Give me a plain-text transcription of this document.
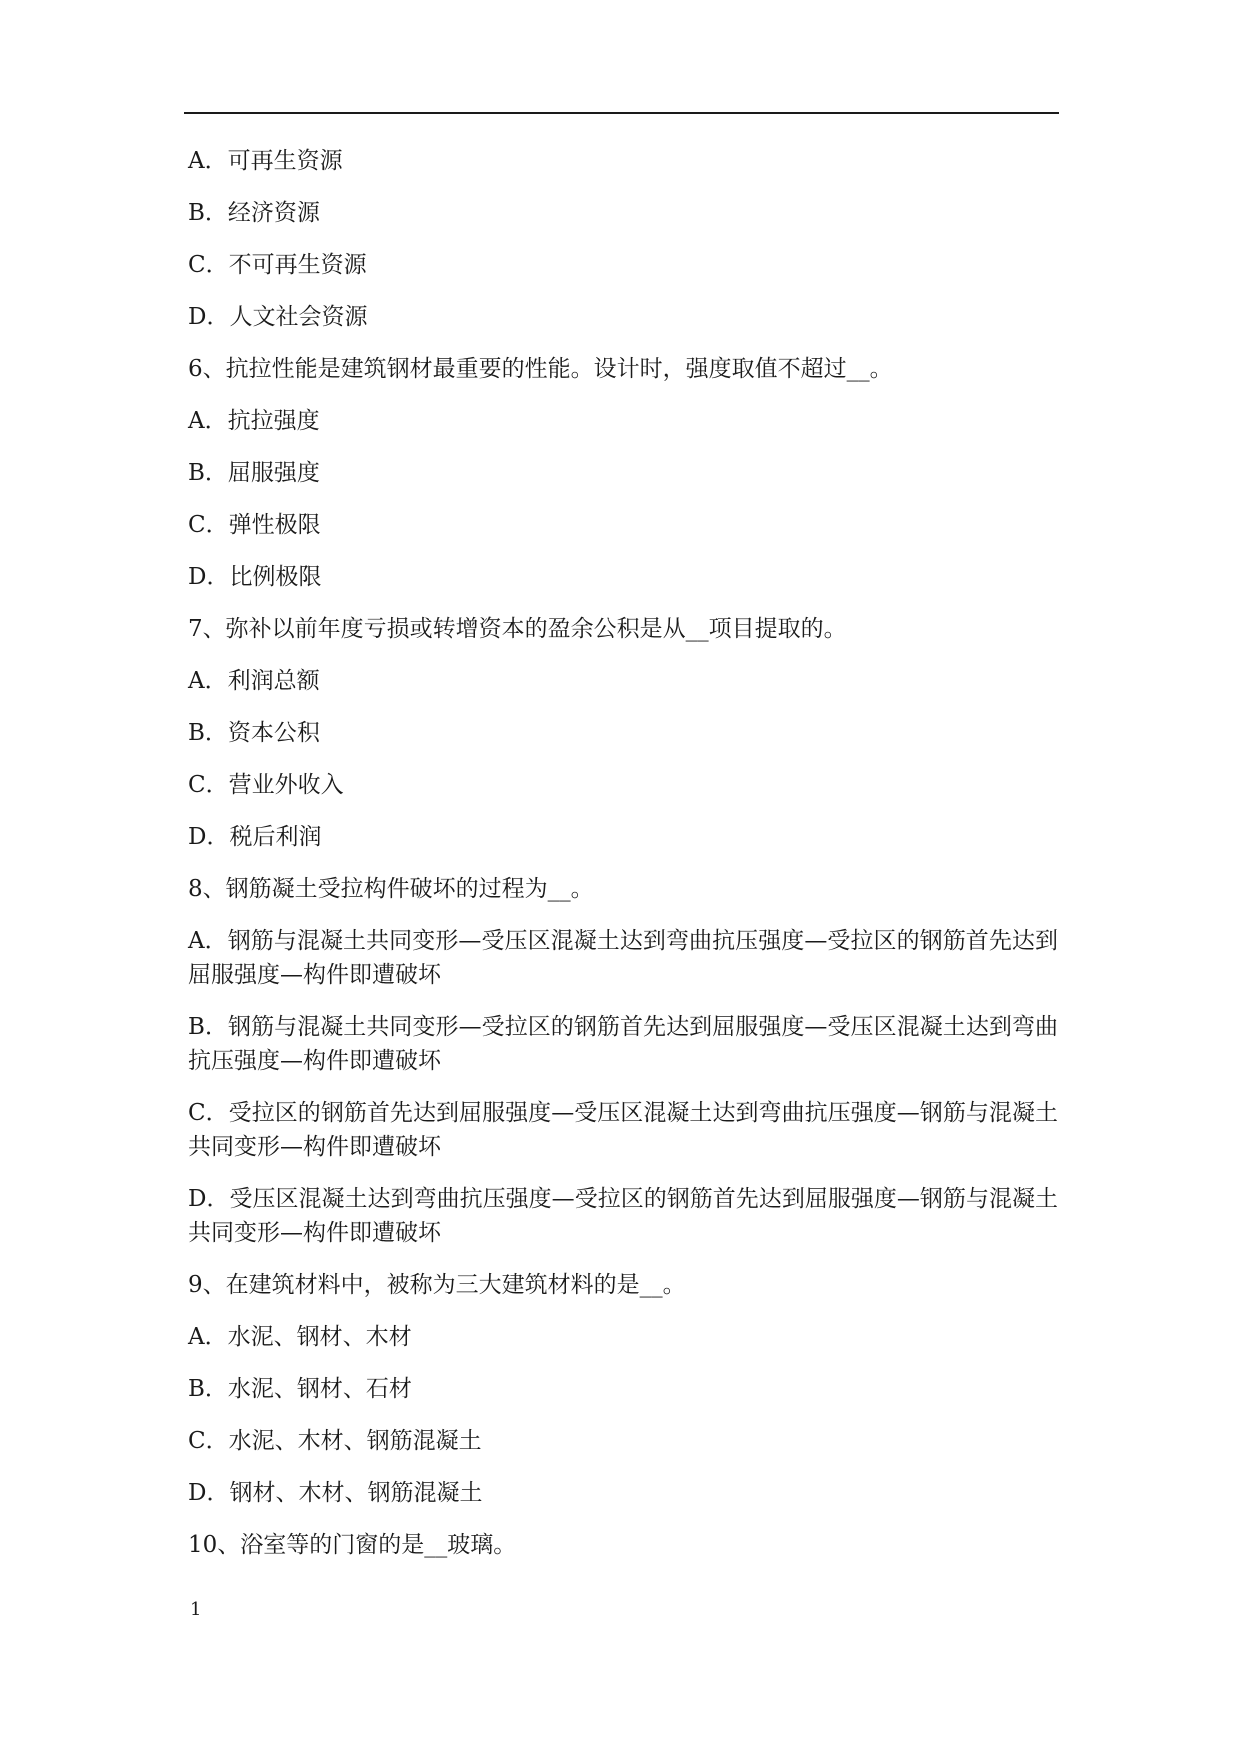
A．可再生资源

B．经济资源

C．不可再生资源

D．人文社会资源

6、抗拉性能是建筑钢材最重要的性能。设计时，强度取值不超过__。

A．抗拉强度

B．屈服强度

C．弹性极限

D．比例极限

7、弥补以前年度亏损或转增资本的盈余公积是从__项目提取的。

A．利润总额

B．资本公积

C．营业外收入

D．税后利润

8、钢筋凝土受拉构件破坏的过程为__。

A．钢筋与混凝土共同变形—受压区混凝土达到弯曲抗压强度—受拉区的钢筋首先达到屈服强度—构件即遭破坏

B．钢筋与混凝土共同变形—受拉区的钢筋首先达到屈服强度—受压区混凝土达到弯曲抗压强度—构件即遭破坏

C．受拉区的钢筋首先达到屈服强度—受压区混凝土达到弯曲抗压强度—钢筋与混凝土共同变形—构件即遭破坏

D．受压区混凝土达到弯曲抗压强度—受拉区的钢筋首先达到屈服强度—钢筋与混凝土共同变形—构件即遭破坏

9、在建筑材料中，被称为三大建筑材料的是__。

A．水泥、钢材、木材

B．水泥、钢材、石材

C．水泥、木材、钢筋混凝土

D．钢材、木材、钢筋混凝土

10、浴室等的门窗的是__玻璃。

1
